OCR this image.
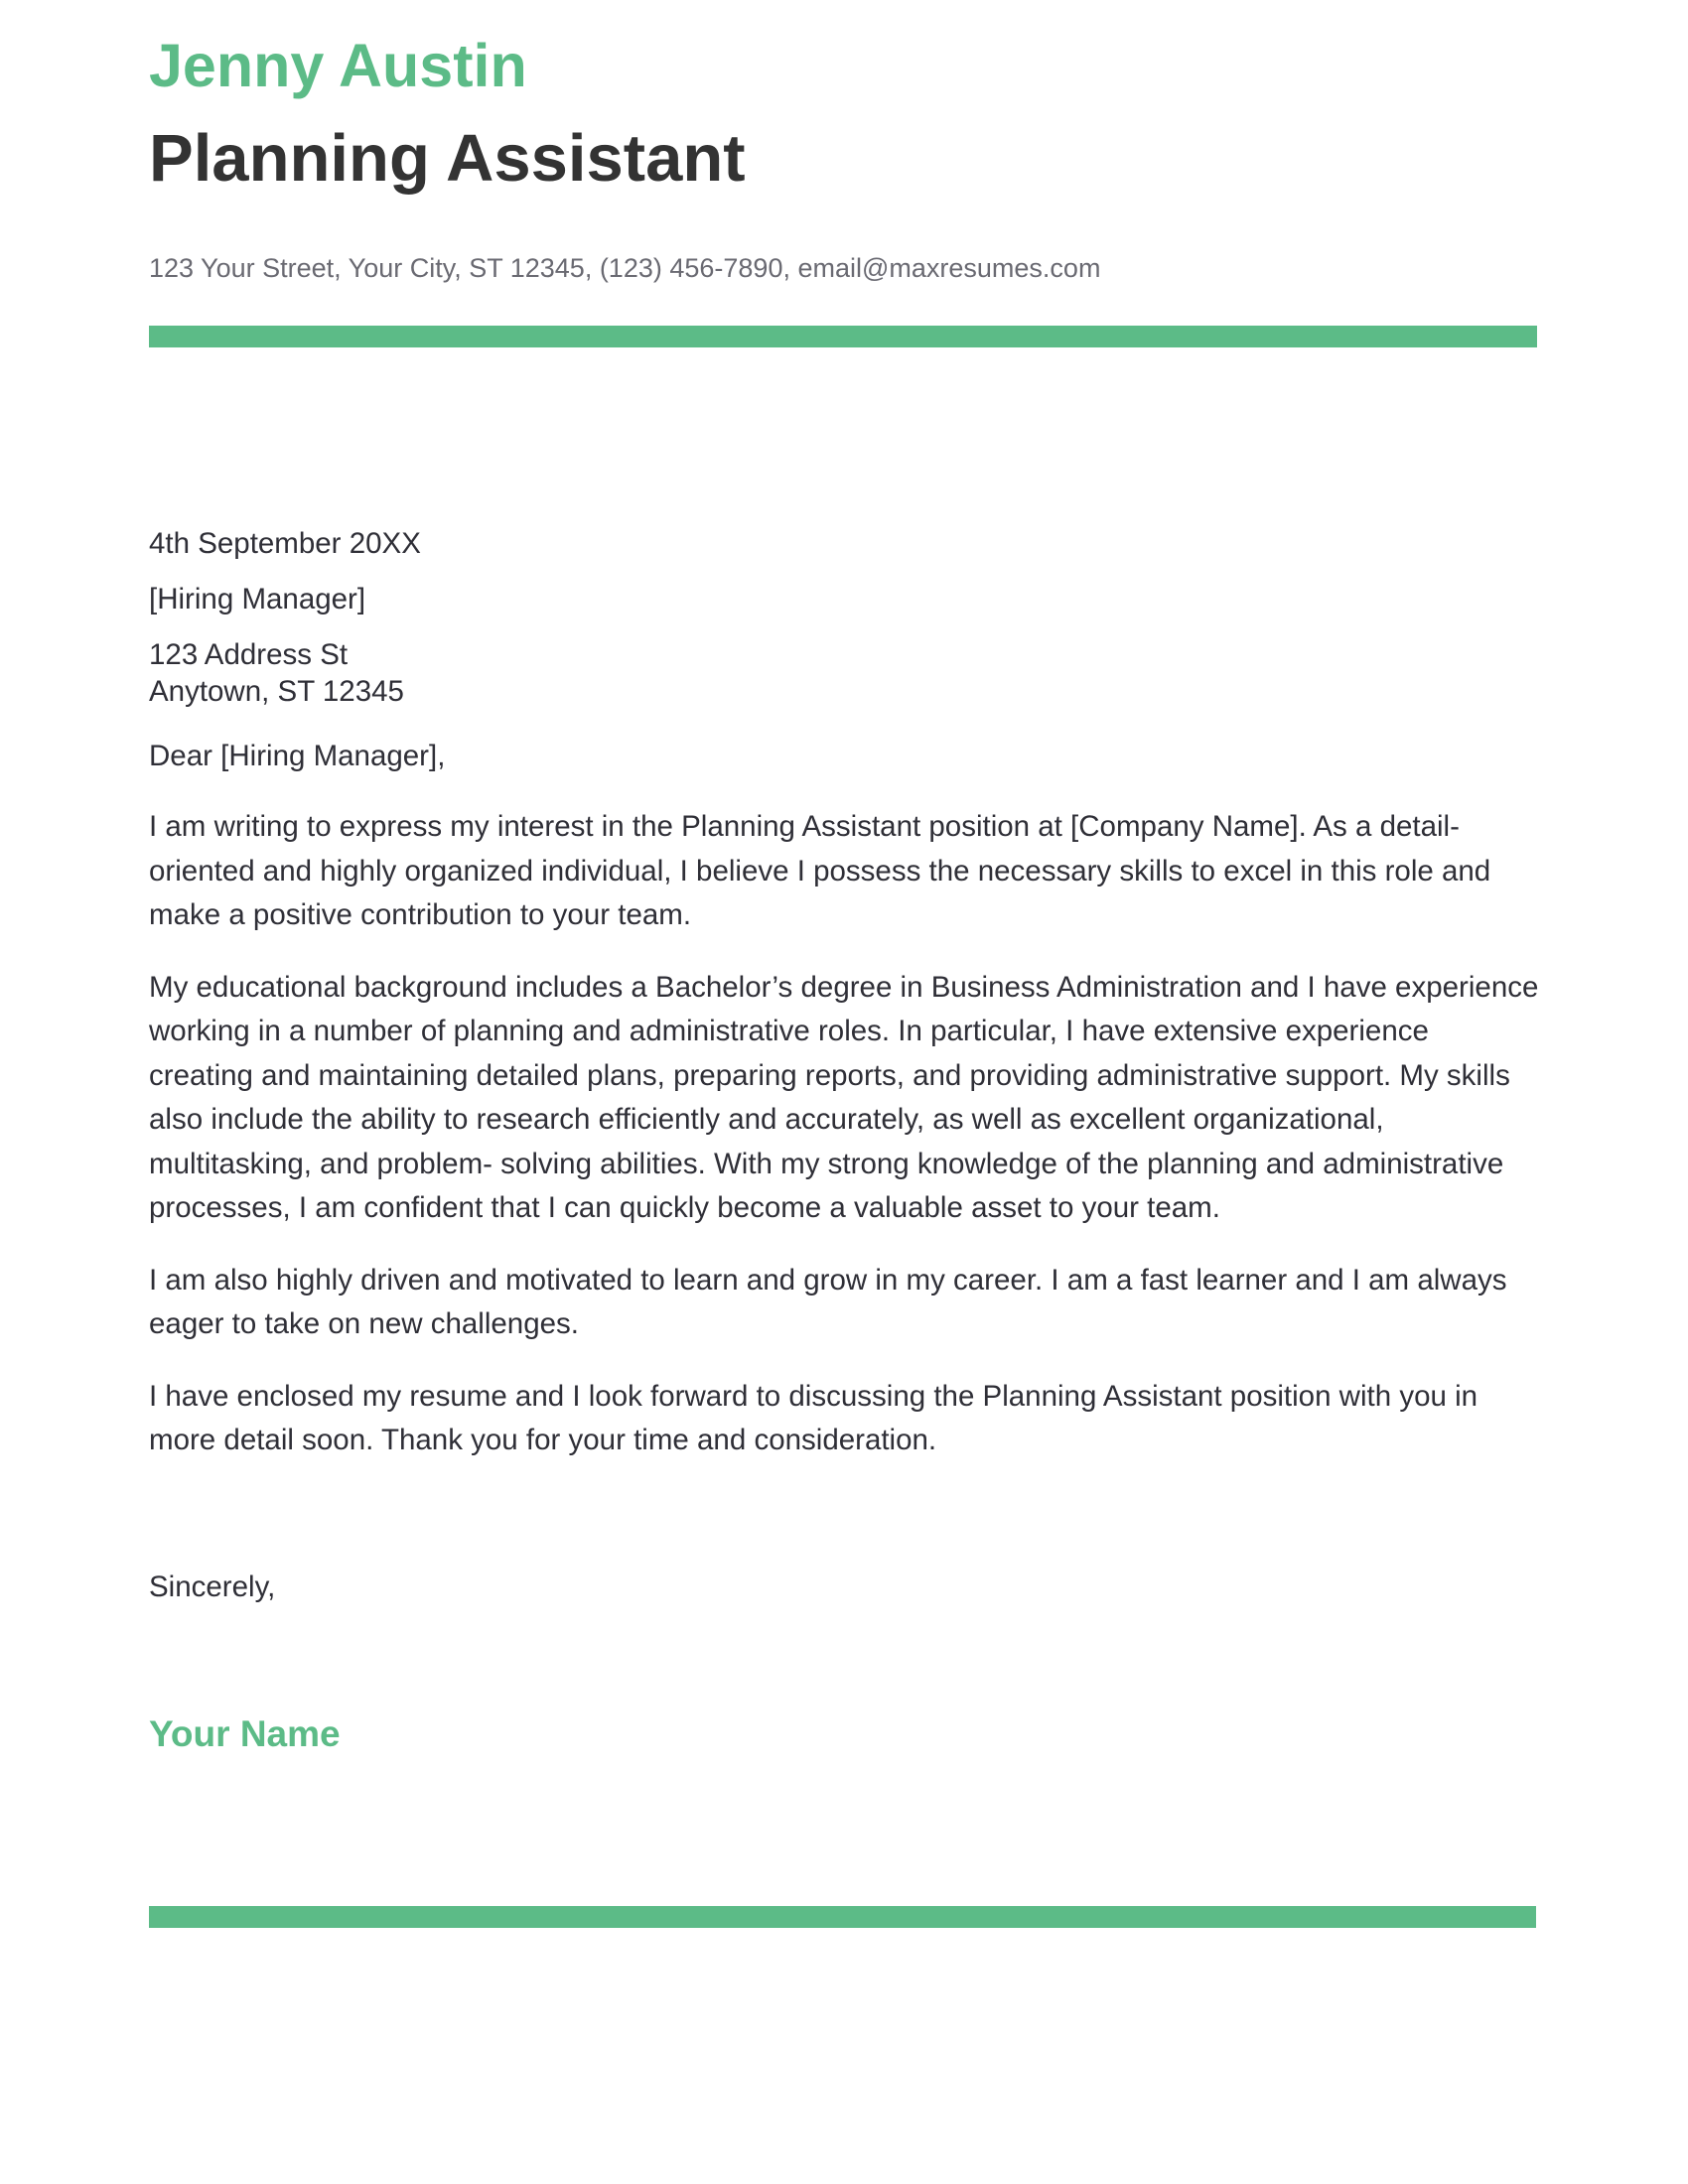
Jenny Austin
Planning Assistant
123 Your Street, Your City, ST 12345, (123) 456-7890, email@maxresumes.com
4th September 20XX
[Hiring Manager]
123 Address St
Anytown, ST 12345
Dear [Hiring Manager],

I am writing to express my interest in the Planning Assistant position at [Company Name]. As a detail-oriented and highly organized individual, I believe I possess the necessary skills to excel in this role and make a positive contribution to your team.

My educational background includes a Bachelor’s degree in Business Administration and I have experience working in a number of planning and administrative roles. In particular, I have extensive experience creating and maintaining detailed plans, preparing reports, and providing administrative support. My skills also include the ability to research efficiently and accurately, as well as excellent organizational, multitasking, and problem- solving abilities. With my strong knowledge of the planning and administrative processes, I am confident that I can quickly become a valuable asset to your team.

I am also highly driven and motivated to learn and grow in my career. I am a fast learner and I am always eager to take on new challenges.

I have enclosed my resume and I look forward to discussing the Planning Assistant position with you in more detail soon. Thank you for your time and consideration.

Sincerely,
Your Name
